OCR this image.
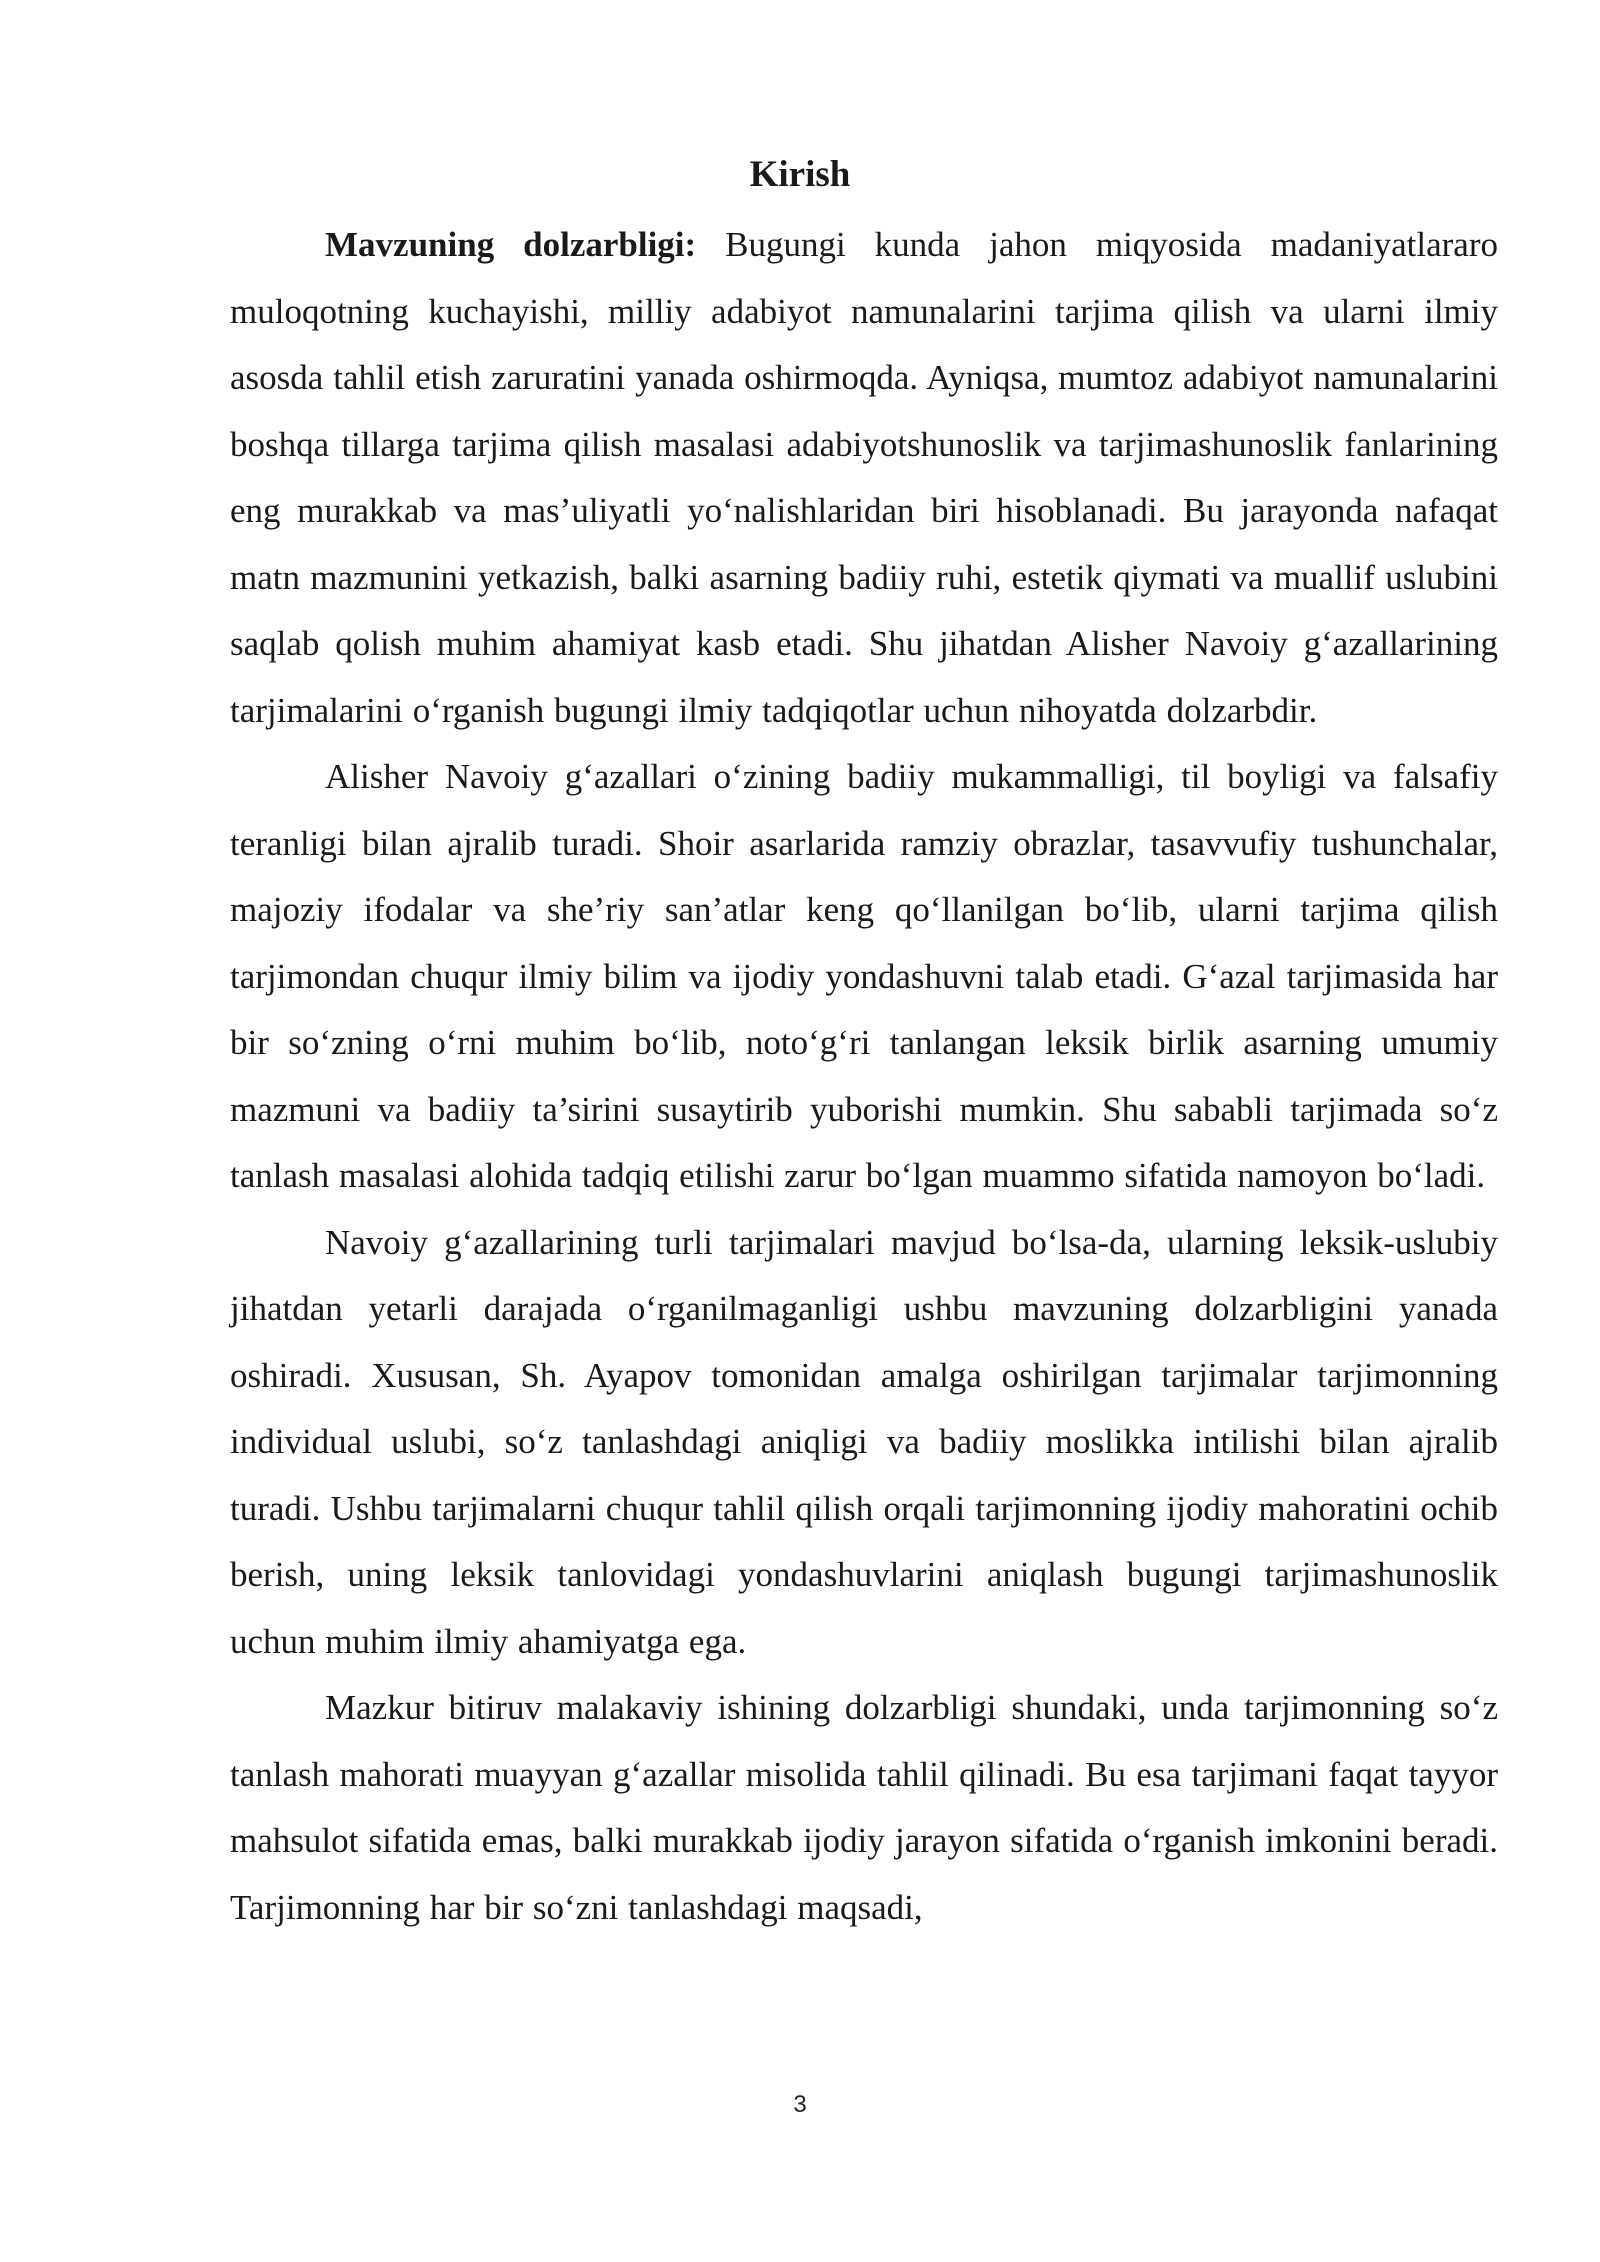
Kirish

Mavzuning dolzarbligi: Bugungi kunda jahon miqyosida madaniyatlararo muloqotning kuchayishi, milliy adabiyot namunalarini tarjima qilish va ularni ilmiy asosda tahlil etish zaruratini yanada oshirmoqda. Ayniqsa, mumtoz adabiyot namunalarini boshqa tillarga tarjima qilish masalasi adabiyotshunoslik va tarjimashunoslik fanlarining eng murakkab va mas’uliyatli yo‘nalishlaridan biri hisoblanadi. Bu jarayonda nafaqat matn mazmunini yetkazish, balki asarning badiiy ruhi, estetik qiymati va muallif uslubini saqlab qolish muhim ahamiyat kasb etadi. Shu jihatdan Alisher Navoiy g‘azallarining tarjimalarini o‘rganish bugungi ilmiy tadqiqotlar uchun nihoyatda dolzarbdir.

Alisher Navoiy g‘azallari o‘zining badiiy mukammalligi, til boyligi va falsafiy teranligi bilan ajralib turadi. Shoir asarlarida ramziy obrazlar, tasavvufiy tushunchalar, majoziy ifodalar va she’riy san’atlar keng qo‘llanilgan bo‘lib, ularni tarjima qilish tarjimondan chuqur ilmiy bilim va ijodiy yondashuvni talab etadi. G‘azal tarjimasida har bir so‘zning o‘rni muhim bo‘lib, noto‘g‘ri tanlangan leksik birlik asarning umumiy mazmuni va badiiy ta’sirini susaytirib yuborishi mumkin. Shu sababli tarjimada so‘z tanlash masalasi alohida tadqiq etilishi zarur bo‘lgan muammo sifatida namoyon bo‘ladi.

Navoiy g‘azallarining turli tarjimalari mavjud bo‘lsa-da, ularning leksik-uslubiy jihatdan yetarli darajada o‘rganilmaganligi ushbu mavzuning dolzarbligini yanada oshiradi. Xususan, Sh. Ayapov tomonidan amalga oshirilgan tarjimalar tarjimonning individual uslubi, so‘z tanlashdagi aniqligi va badiiy moslikka intilishi bilan ajralib turadi. Ushbu tarjimalarni chuqur tahlil qilish orqali tarjimonning ijodiy mahoratini ochib berish, uning leksik tanlovidagi yondashuvlarini aniqlash bugungi tarjimashunoslik uchun muhim ilmiy ahamiyatga ega.

Mazkur bitiruv malakaviy ishining dolzarbligi shundaki, unda tarjimonning so‘z tanlash mahorati muayyan g‘azallar misolida tahlil qilinadi. Bu esa tarjimani faqat tayyor mahsulot sifatida emas, balki murakkab ijodiy jarayon sifatida o‘rganish imkonini beradi. Tarjimonning har bir so‘zni tanlashdagi maqsadi,

3
